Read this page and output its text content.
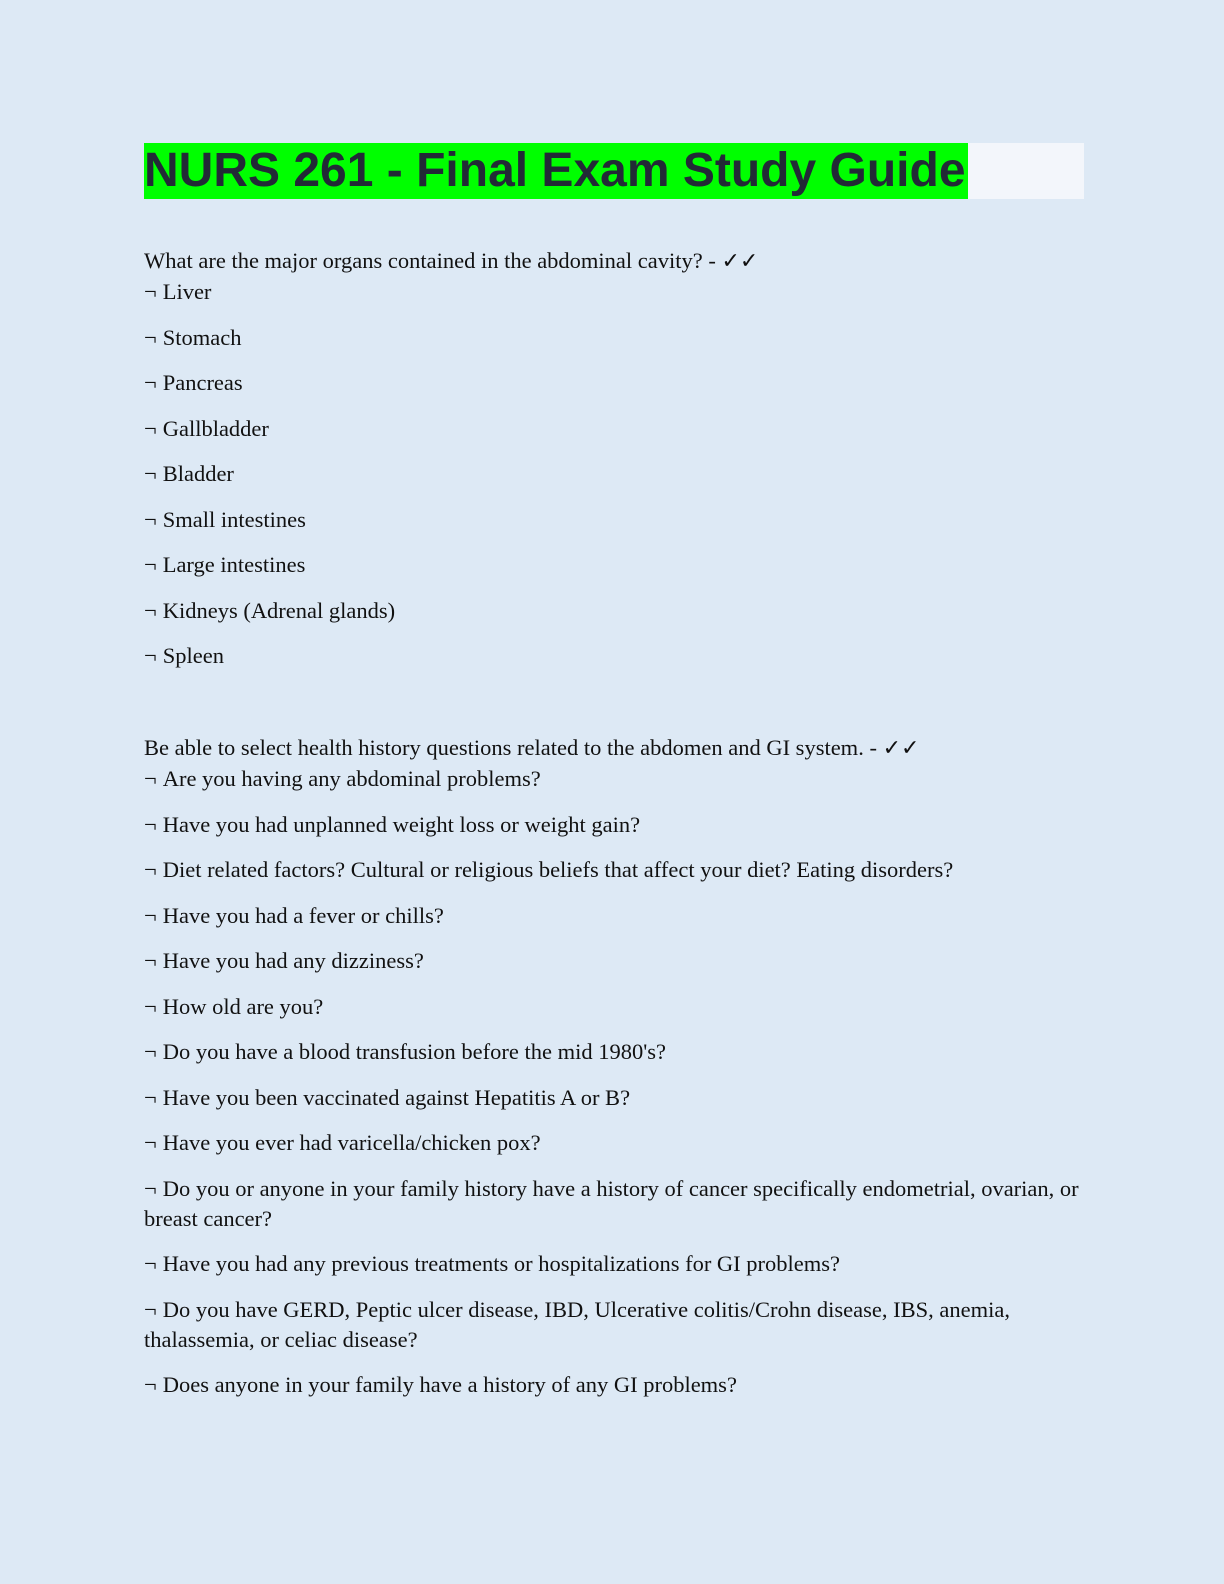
NURS 261 - Final Exam Study Guide

What are the major organs contained in the abdominal cavity? - ✓✓

¬ Liver
¬ Stomach
¬ Pancreas
¬ Gallbladder
¬ Bladder
¬ Small intestines
¬ Large intestines
¬ Kidneys (Adrenal glands)
¬ Spleen

Be able to select health history questions related to the abdomen and GI system. - ✓✓

¬ Are you having any abdominal problems?
¬ Have you had unplanned weight loss or weight gain?
¬ Diet related factors? Cultural or religious beliefs that affect your diet? Eating disorders?
¬ Have you had a fever or chills?
¬ Have you had any dizziness?
¬ How old are you?
¬ Do you have a blood transfusion before the mid 1980's?
¬ Have you been vaccinated against Hepatitis A or B?
¬ Have you ever had varicella/chicken pox?
¬ Do you or anyone in your family history have a history of cancer specifically endometrial, ovarian, or breast cancer?
¬ Have you had any previous treatments or hospitalizations for GI problems?
¬ Do you have GERD, Peptic ulcer disease, IBD, Ulcerative colitis/Crohn disease, IBS, anemia, thalassemia, or celiac disease?
¬ Does anyone in your family have a history of any GI problems?
